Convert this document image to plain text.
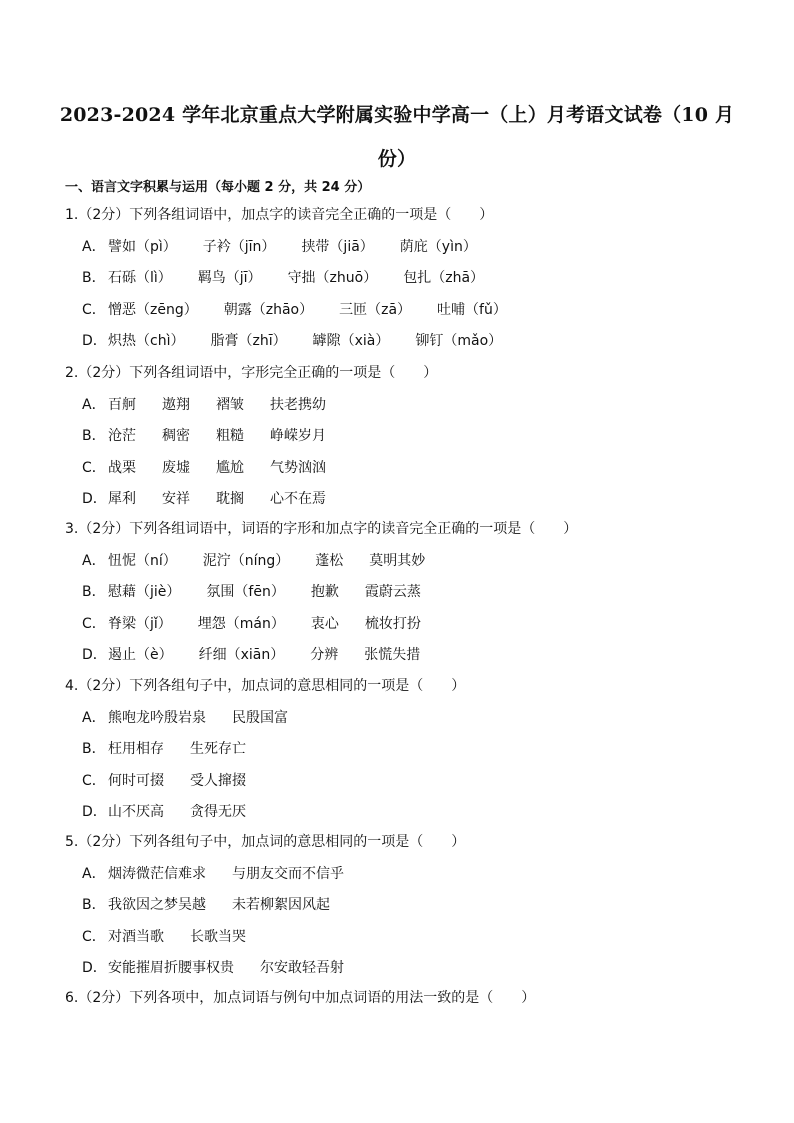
2023-2024 学年北京重点大学附属实验中学高一（上）月考语文试卷（10 月
份）
一、语言文字积累与运用（每小题 2 分，共 24 分）
1.（2分）下列各组词语中，加点字的读音完全正确的一项是（　　）
A． 譬如（pì） 子衿（jīn） 挟带（jiā） 荫庇（yìn）
B． 石砾（lì） 羁鸟（jī） 守拙（zhuō） 包扎（zhā）
C． 憎恶（zēng） 朝露（zhāo） 三匝（zā） 吐哺（fǔ）
D．炽热（chì） 脂膏（zhī） 罅隙（xià） 铆钉（mǎo）
2.（2分）下列各组词语中，字形完全正确的一项是（　　）
A． 百舸 遨翔 褶皱 扶老携幼
B． 沧茫 稠密 粗糙 峥嵘岁月
C． 战栗 废墟 尴尬 气势汹汹
D．犀利 安祥 耽搁 心不在焉
3.（2分）下列各组词语中，词语的字形和加点字的读音完全正确的一项是（　　）
A． 忸怩（ní） 泥泞（níng） 蓬松 莫明其妙
B． 慰藉（jiè） 氛围（fēn） 抱歉 霞蔚云蒸
C． 脊梁（jǐ） 埋怨（mán） 衷心 梳妆打扮
D．遏止（è） 纤细（xiān） 分辨 张慌失措
4.（2分）下列各组句子中，加点词的意思相同的一项是（　　）
A． 熊咆龙吟殷岩泉 民殷国富
B． 枉用相存 生死存亡
C． 何时可掇 受人撺掇
D．山不厌高 贪得无厌
5.（2分）下列各组句子中，加点词的意思相同的一项是（　　）
A． 烟涛微茫信难求 与朋友交而不信乎
B． 我欲因之梦吴越 未若柳絮因风起
C． 对酒当歌 长歌当哭
D．安能摧眉折腰事权贵 尔安敢轻吾射
6.（2分）下列各项中，加点词语与例句中加点词语的用法一致的是（　　）
